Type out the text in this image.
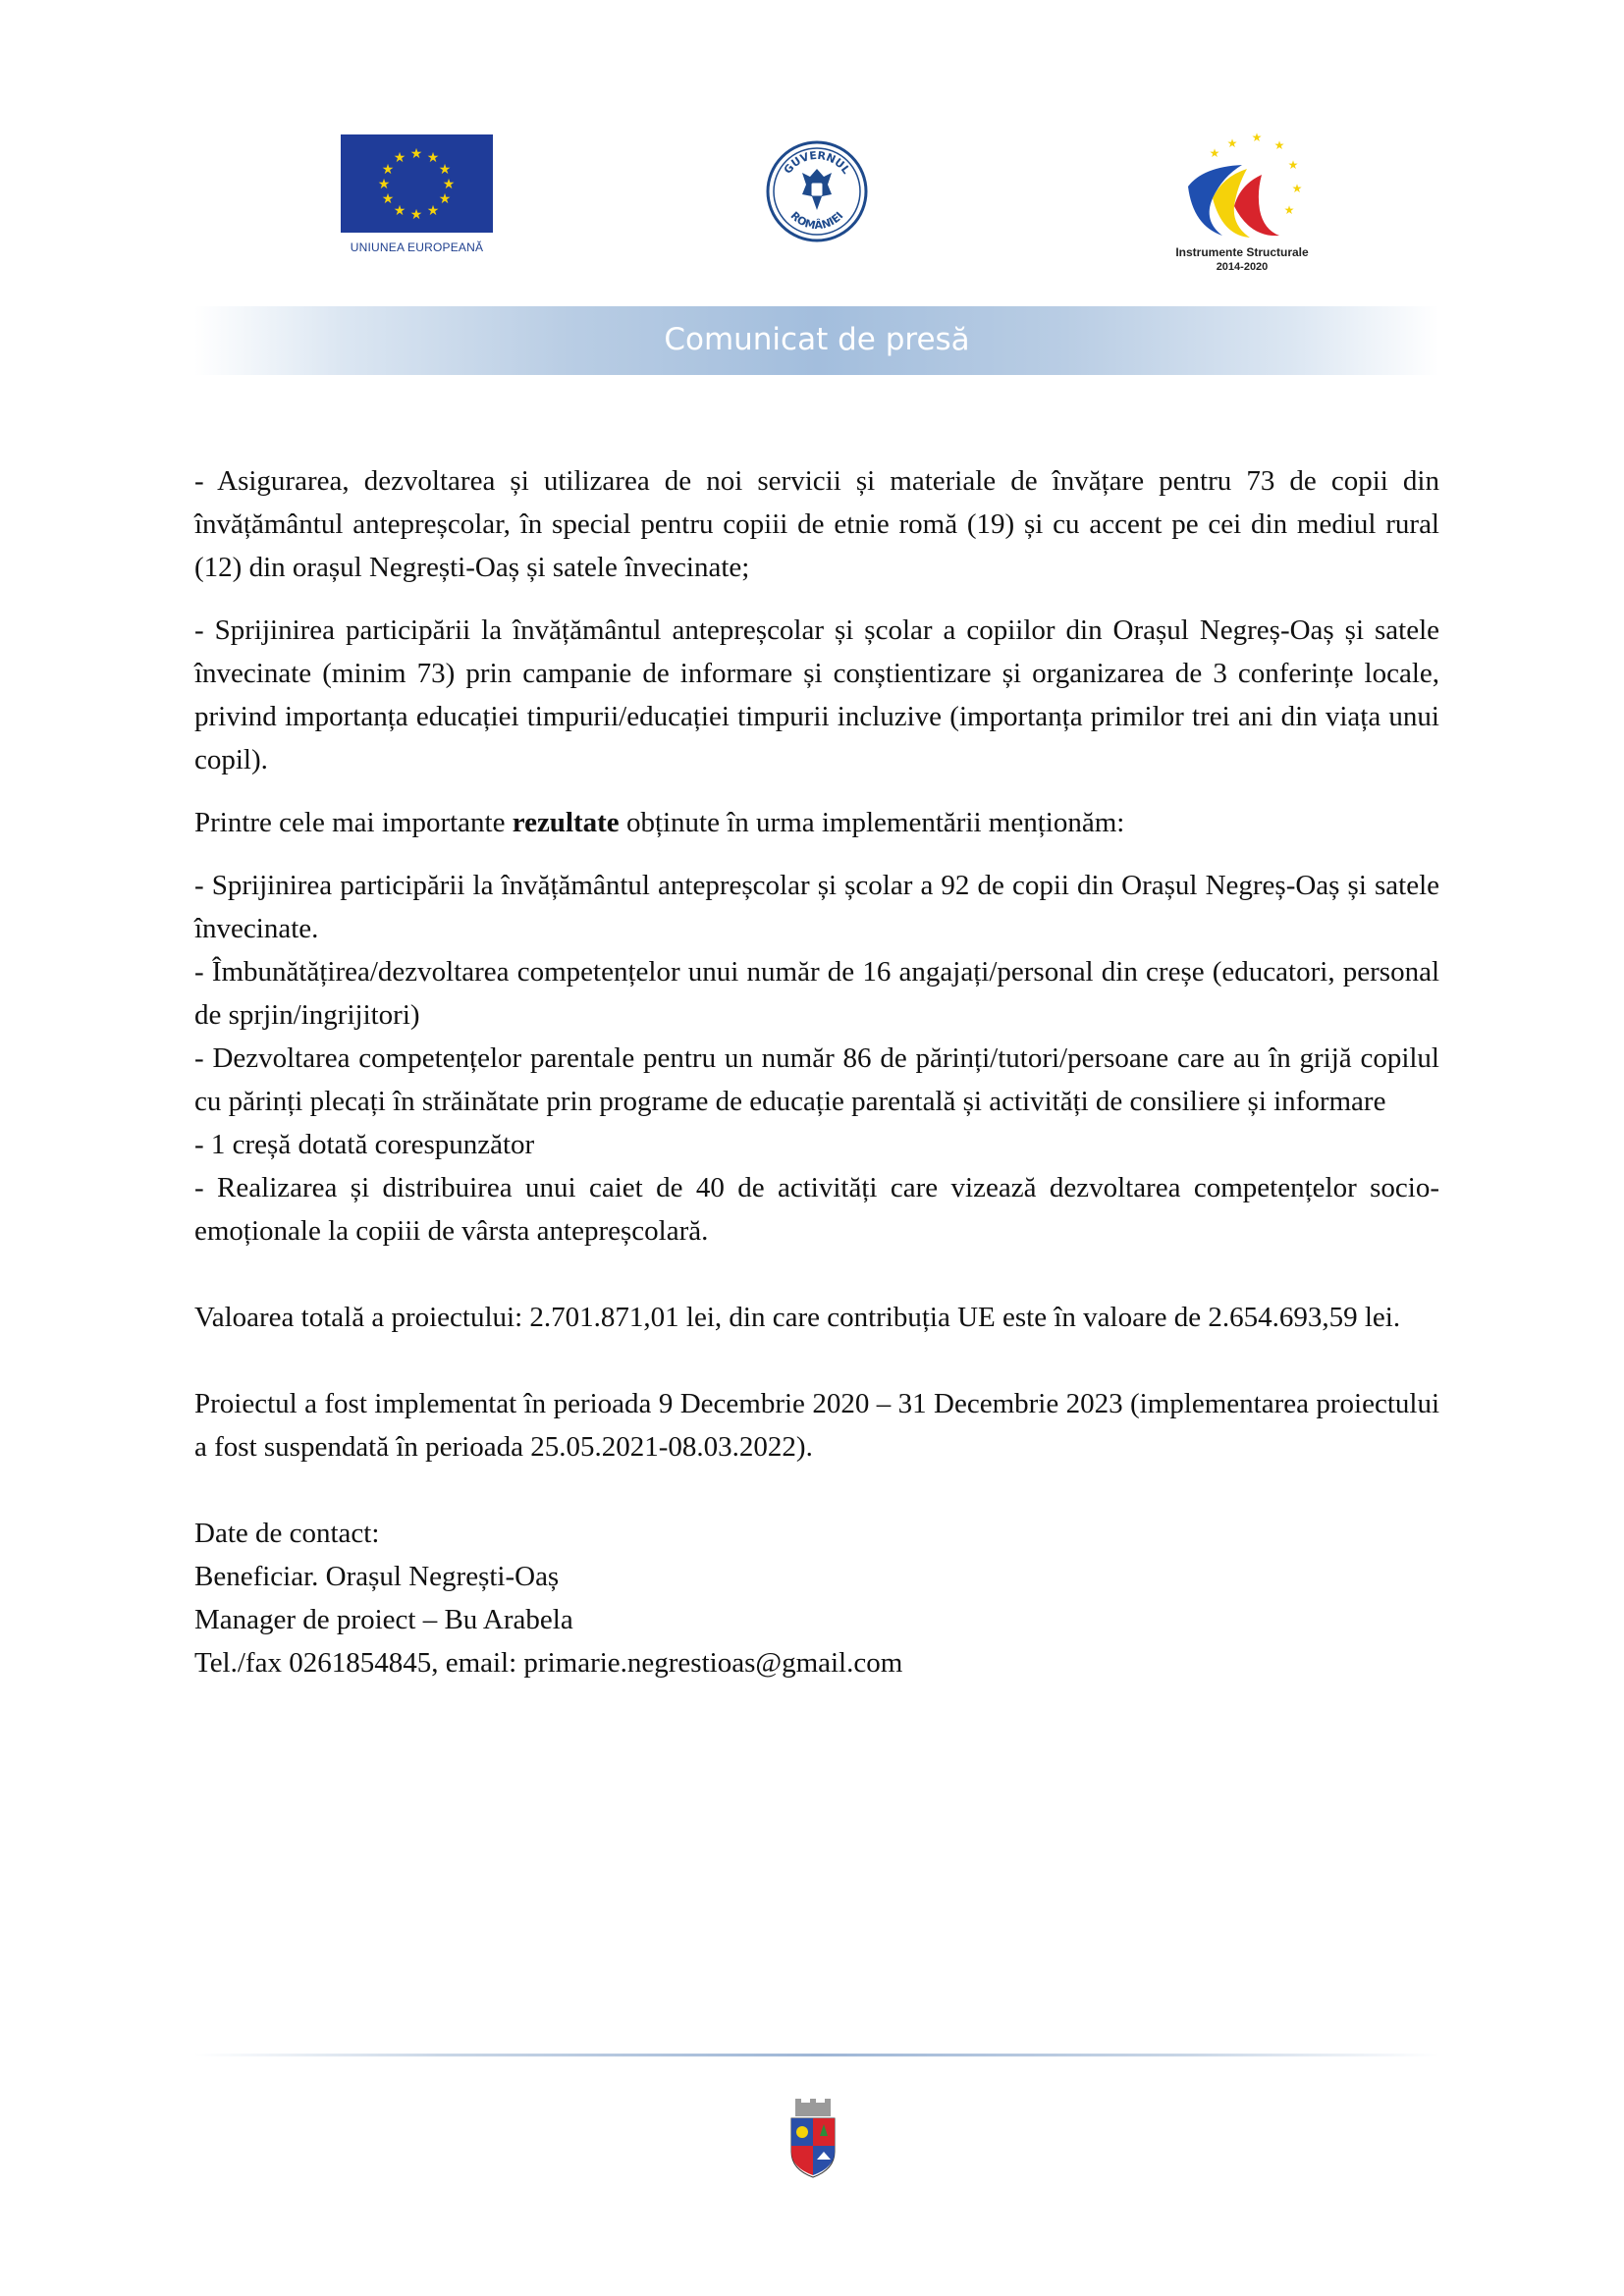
★ ★
★
★
★
★
★
★
★
★
★
★
UNIUNEA EUROPEANĂ
GUVERNUL
ROMÂNIEI
★ ★
★
★
★
★
★
Instrumente Structurale
2014-2020
Comunicat de presă

- Asigurarea, dezvoltarea și utilizarea de noi servicii și materiale de învățare pentru 73 de copii din învățământul antepreșcolar, în special pentru copiii de etnie romă (19) și cu accent pe cei din mediul rural (12) din orașul Negrești-Oaș și satele învecinate;

- Sprijinirea participării la învățământul antepreșcolar și școlar a copiilor din Orașul Negreș-Oaș și satele învecinate (minim 73) prin campanie de informare și conștientizare și organizarea de 3 conferințe locale, privind importanța educației timpurii/educației timpurii incluzive (importanța primilor trei ani din viața unui copil).

Printre cele mai importante rezultate obținute în urma implementării menționăm:

- Sprijinirea participării la învățământul antepreșcolar și școlar a 92 de copii din Orașul Negreș-Oaș și satele învecinate.
- Îmbunătățirea/dezvoltarea competențelor unui număr de 16 angajați/personal din creșe (educatori, personal de sprjin/ingrijitori)
- Dezvoltarea competențelor parentale pentru un număr 86 de părinți/tutori/persoane care au în grijă copilul cu părinți plecați în străinătate prin programe de educație parentală și activități de consiliere și informare
- 1 creșă dotată corespunzător
- Realizarea și distribuirea unui caiet de 40 de activități care vizează dezvoltarea competențelor socio-emoționale la copiii de vârsta antepreșcolară.

Valoarea totală a proiectului: 2.701.871,01 lei, din care contribuția UE este în valoare de 2.654.693,59 lei.

Proiectul a fost implementat în perioada 9 Decembrie 2020 – 31 Decembrie 2023 (implementarea proiectului a fost suspendată în perioada 25.05.2021-08.03.2022).

Date de contact:
Beneficiar. Orașul Negrești-Oaș
Manager de proiect – Bu Arabela
Tel./fax 0261854845, email: primarie.negrestioas@gmail.com
